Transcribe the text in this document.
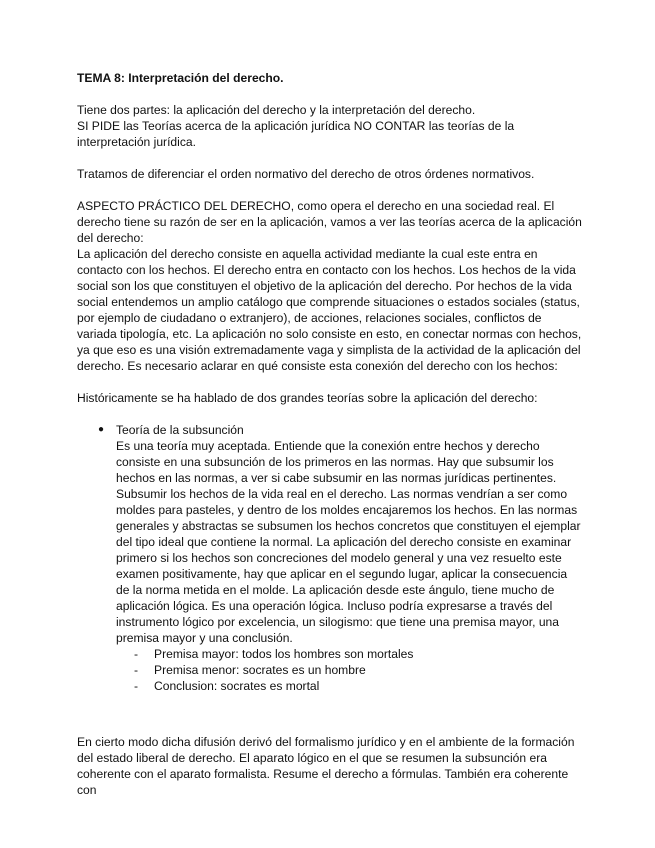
TEMA 8: Interpretación del derecho.

Tiene dos partes: la aplicación del derecho y la interpretación del derecho.

SI PIDE las Teorías acerca de la aplicación jurídica NO CONTAR las teorías de la interpretación jurídica.

Tratamos de diferenciar el orden normativo del derecho de otros órdenes normativos.

ASPECTO PRÁCTICO DEL DERECHO, como opera el derecho en una sociedad real. El derecho tiene su razón de ser en la aplicación, vamos a ver las teorías acerca de la aplicación del derecho:

La aplicación del derecho consiste en aquella actividad mediante la cual este entra en contacto con los hechos. El derecho entra en contacto con los hechos. Los hechos de la vida social son los que constituyen el objetivo de la aplicación del derecho. Por hechos de la vida social entendemos un amplio catálogo que comprende situaciones o estados sociales (status, por ejemplo de ciudadano o extranjero), de acciones, relaciones sociales, conflictos de variada tipología, etc. La aplicación no solo consiste en esto, en conectar normas con hechos, ya que eso es una visión extremadamente vaga y simplista de la actividad de la aplicación del derecho. Es necesario aclarar en qué consiste esta conexión del derecho con los hechos:

Históricamente se ha hablado de dos grandes teorías sobre la aplicación del derecho:

● Teoría de la subsunción

Es una teoría muy aceptada. Entiende que la conexión entre hechos y derecho consiste en una subsunción de los primeros en las normas. Hay que subsumir los hechos en las normas, a ver si cabe subsumir en las normas jurídicas pertinentes. Subsumir los hechos de la vida real en el derecho. Las normas vendrían a ser como moldes para pasteles, y dentro de los moldes encajaremos los hechos. En las normas generales y abstractas se subsumen los hechos concretos que constituyen el ejemplar del tipo ideal que contiene la normal. La aplicación del derecho consiste en examinar primero si los hechos son concreciones del modelo general y una vez resuelto este examen positivamente, hay que aplicar en el segundo lugar, aplicar la consecuencia de la norma metida en el molde. La aplicación desde este ángulo, tiene mucho de aplicación lógica. Es una operación lógica. Incluso podría expresarse a través del instrumento lógico por excelencia, un silogismo: que tiene una premisa mayor, una premisa mayor y una conclusión.

- Premisa mayor: todos los hombres son mortales
- Premisa menor: socrates es un hombre
- Conclusion: socrates es mortal

En cierto modo dicha difusión derivó del formalismo jurídico y en el ambiente de la formación del estado liberal de derecho. El aparato lógico en el que se resumen la subsunción era coherente con el aparato formalista. Resume el derecho a fórmulas. También era coherente con
